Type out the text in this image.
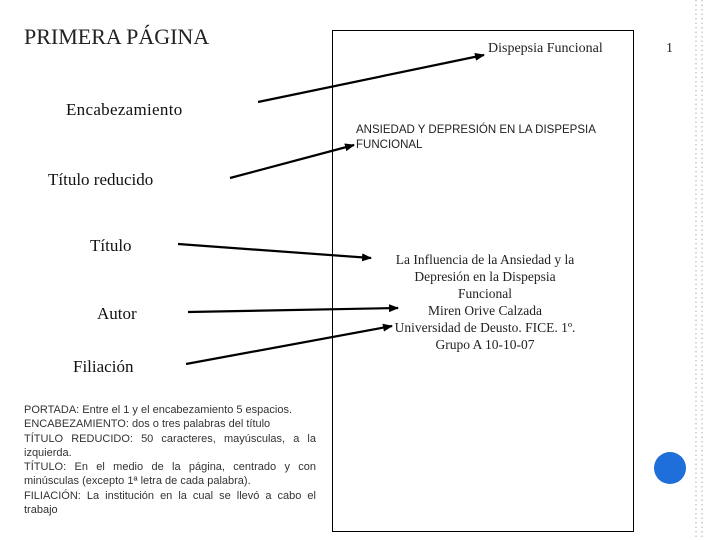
PRIMERA PÁGINA
Encabezamiento
Título reducido
Título
Autor
Filiación
PORTADA: Entre el 1 y el encabezamiento 5 espacios.
ENCABEZAMIENTO: dos o tres palabras del título
TÍTULO REDUCIDO: 50 caracteres, mayúsculas, a la izquierda.
TÍTULO: En el medio de la página, centrado y con minúsculas (excepto 1ª letra de cada palabra).
FILIACIÓN: La institución en la cual se llevó a cabo el trabajo
Dispepsia Funcional	1
ANSIEDAD Y DEPRESIÓN EN LA DISPEPSIA
FUNCIONAL
La Influencia de la Ansiedad y la
Depresión en la Dispepsia
Funcional
Miren Orive Calzada
Universidad de Deusto. FICE. 1º.
Grupo A 10-10-07
